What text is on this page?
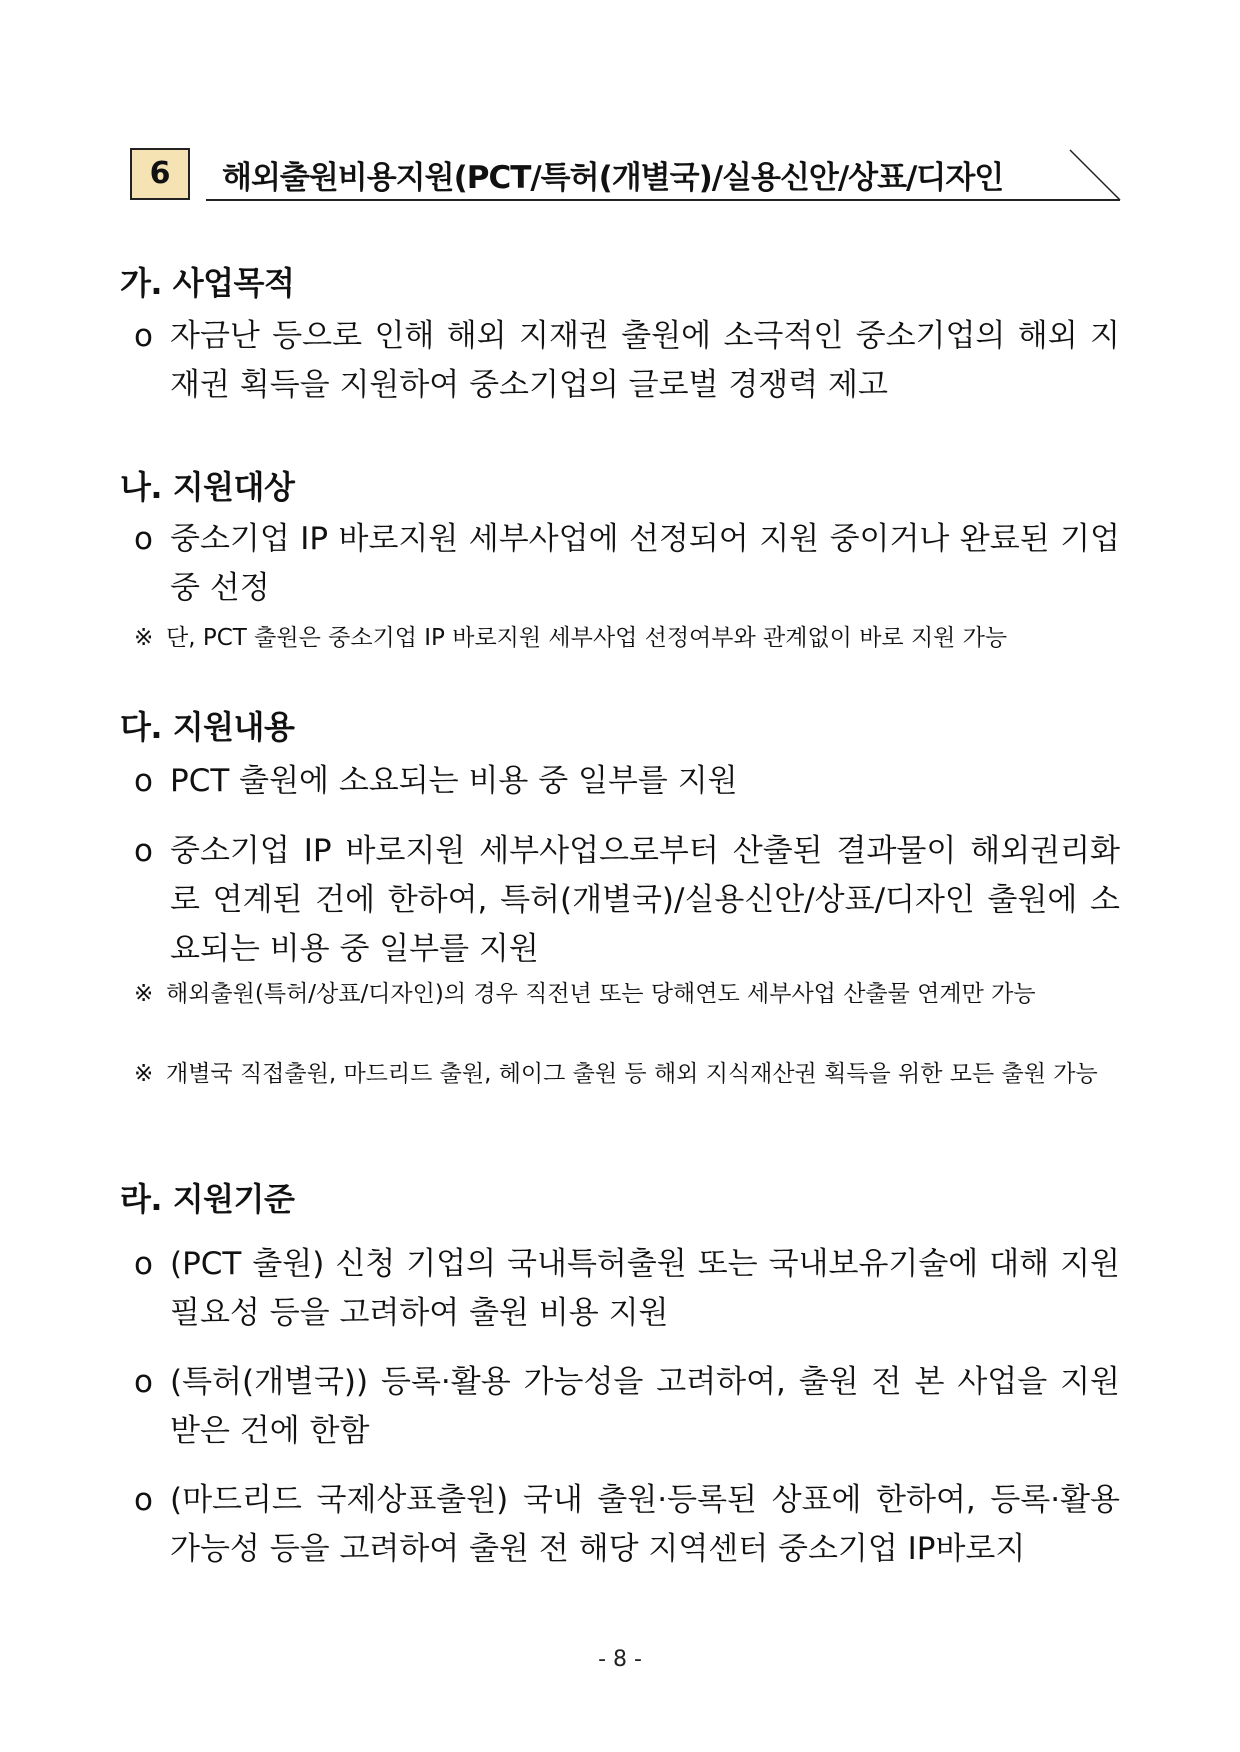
6	해외출원비용지원(PCT/특허(개별국)/실용신안/상표/디자인
가. 사업목적
o 자금난 등으로 인해 해외 지재권 출원에 소극적인 중소기업의 해외 지재권 획득을 지원하여 중소기업의 글로벌 경쟁력 제고
나. 지원대상
o 중소기업 IP 바로지원 세부사업에 선정되어 지원 중이거나 완료된 기업 중 선정
※ 단, PCT 출원은 중소기업 IP 바로지원 세부사업 선정여부와 관계없이 바로 지원 가능
다. 지원내용
o PCT 출원에 소요되는 비용 중 일부를 지원
o 중소기업 IP 바로지원 세부사업으로부터 산출된 결과물이 해외권리화로 연계된 건에 한하여, 특허(개별국)/실용신안/상표/디자인 출원에 소요되는 비용 중 일부를 지원
※ 해외출원(특허/상표/디자인)의 경우 직전년 또는 당해연도 세부사업 산출물 연계만 가능
※ 개별국 직접출원, 마드리드 출원, 헤이그 출원 등 해외 지식재산권 획득을 위한 모든 출원 가능
라. 지원기준
o (PCT 출원) 신청 기업의 국내특허출원 또는 국내보유기술에 대해 지원 필요성 등을 고려하여 출원 비용 지원
o (특허(개별국)) 등록·활용 가능성을 고려하여, 출원 전 본 사업을 지원받은 건에 한함
o (마드리드 국제상표출원) 국내 출원·등록된 상표에 한하여, 등록·활용 가능성 등을 고려하여 출원 전 해당 지역센터 중소기업 IP바로지
- 8 -
